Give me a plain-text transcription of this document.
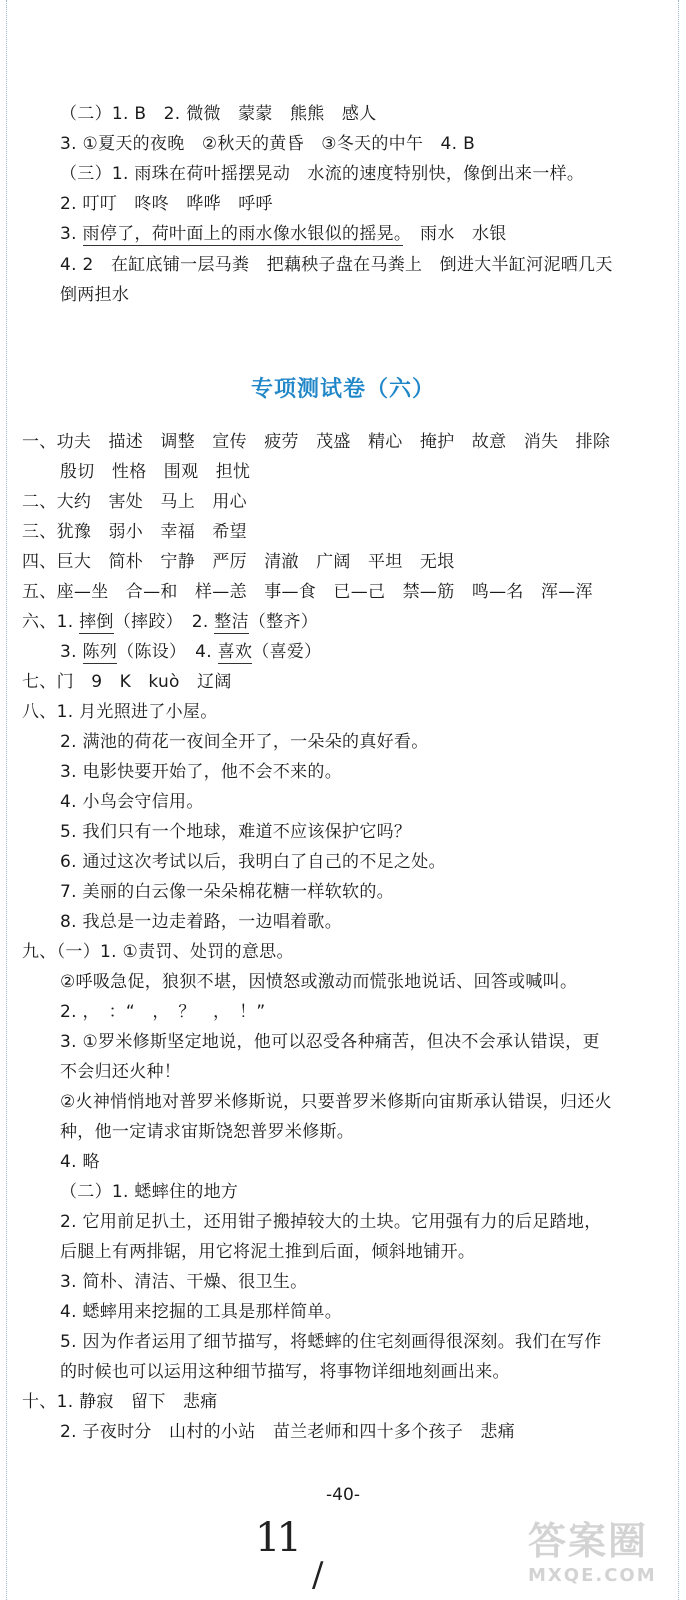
（二）1. B　2. 微微　蒙蒙　熊熊　感人
3. ①夏天的夜晚　②秋天的黄昏　③冬天的中午　4. B
（三）1. 雨珠在荷叶摇摆晃动　水流的速度特别快，像倒出来一样。
2. 叮叮　咚咚　哗哗　呼呼
3. 雨停了，荷叶面上的雨水像水银似的摇晃。　 雨水　水银
4. 2　在缸底铺一层马粪　把藕秧子盘在马粪上　倒进大半缸河泥晒几天
倒两担水
专项测试卷（六）
一、功夫　描述　调整　宣传　疲劳　茂盛　精心　掩护　故意　消失　排除
殷切　性格　围观　担忧
二、大约　害处　马上　用心
三、犹豫　弱小　幸福　希望
四、巨大　简朴　宁静　严厉　清澈　广阔　平坦　无垠
五、座—坐　合—和　样—恙　事—食　已—己　禁—筋　鸣—名　浑—浑
六、1. 摔倒（摔跤）　2. 整洁（整齐）
3. 陈列（陈设）　4. 喜欢（喜爱）
七、门　9　K　kuò　辽阔
八、1. 月光照进了小屋。
2. 满池的荷花一夜间全开了，一朵朵的真好看。
3. 电影快要开始了，他不会不来的。
4. 小鸟会守信用。
5. 我们只有一个地球，难道不应该保护它吗？
6. 通过这次考试以后，我明白了自己的不足之处。
7. 美丽的白云像一朵朵棉花糖一样软软的。
8. 我总是一边走着路，一边唱着歌。
九、（一）1. ①责罚、处罚的意思。
②呼吸急促，狼狈不堪，因愤怒或激动而慌张地说话、回答或喊叫。
2. ，　：“　，　？　，　！”
3. ①罗米修斯坚定地说，他可以忍受各种痛苦，但决不会承认错误，更
不会归还火种！
②火神悄悄地对普罗米修斯说，只要普罗米修斯向宙斯承认错误，归还火
种，他一定请求宙斯饶恕普罗米修斯。
4. 略
（二）1. 蟋蟀住的地方
2. 它用前足扒土，还用钳子搬掉较大的土块。它用强有力的后足踏地，
后腿上有两排锯，用它将泥土推到后面，倾斜地铺开。
3. 简朴、清洁、干燥、很卫生。
4. 蟋蟀用来挖掘的工具是那样简单。
5. 因为作者运用了细节描写，将蟋蟀的住宅刻画得很深刻。我们在写作
的时候也可以运用这种细节描写，将事物详细地刻画出来。
十、1. 静寂　留下　悲痛
2. 子夜时分　山村的小站　苗兰老师和四十多个孩子　悲痛
-40-
11
/
答案圈
MXQE.COM
